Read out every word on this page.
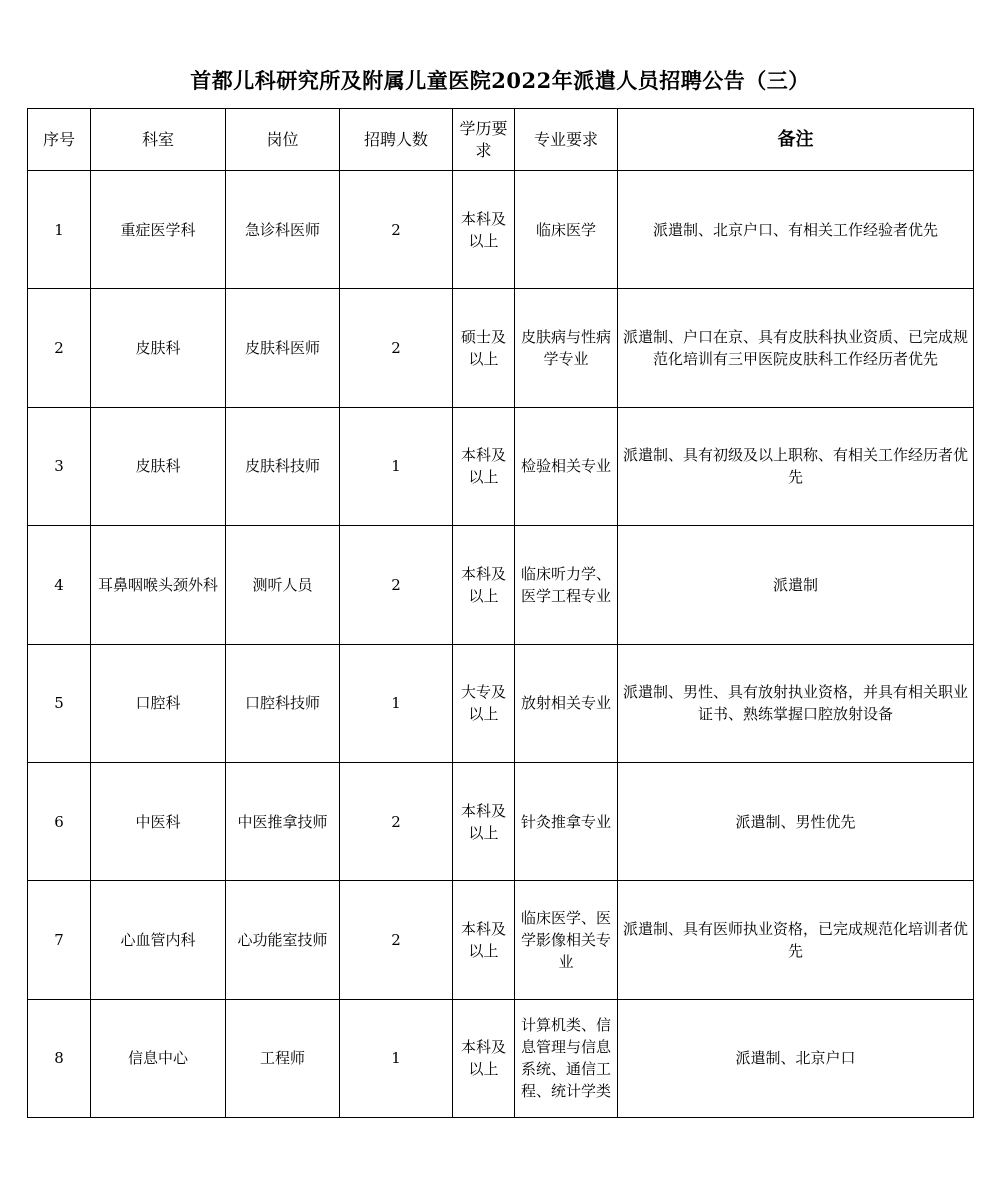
首都儿科研究所及附属儿童医院2022年派遣人员招聘公告（三）
序号	科室	岗位	招聘人数	学历要求	专业要求	备注
1	重症医学科	急诊科医师	2	本科及以上	临床医学	派遣制、北京户口、有相关工作经验者优先
2	皮肤科	皮肤科医师	2	硕士及以上	皮肤病与性病学专业	派遣制、户口在京、具有皮肤科执业资质、已完成规范化培训有三甲医院皮肤科工作经历者优先
3	皮肤科	皮肤科技师	1	本科及以上	检验相关专业	派遣制、具有初级及以上职称、有相关工作经历者优先
4	耳鼻咽喉头颈外科	测听人员	2	本科及以上	临床听力学、医学工程专业	派遣制
5	口腔科	口腔科技师	1	大专及以上	放射相关专业	派遣制、男性、具有放射执业资格，并具有相关职业证书、熟练掌握口腔放射设备
6	中医科	中医推拿技师	2	本科及以上	针灸推拿专业	派遣制、男性优先
7	心血管内科	心功能室技师	2	本科及以上	临床医学、医学影像相关专业	派遣制、具有医师执业资格，已完成规范化培训者优先
8	信息中心	工程师	1	本科及以上	计算机类、信息管理与信息系统、通信工程、统计学类	派遣制、北京户口
